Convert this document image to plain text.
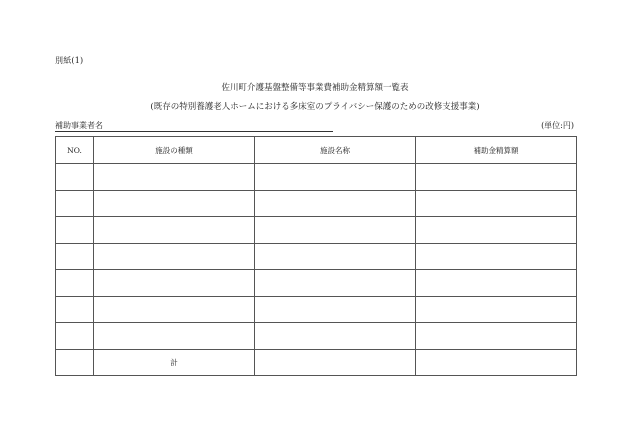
別紙(1)
佐川町介護基盤整備等事業費補助金精算額一覧表
(既存の特別養護老人ホームにおける多床室のプライバシー保護のための改修支援事業)
補助事業者名	(単位:円)
NO.	施設の種類	施設名称	補助金精算額

	計		
